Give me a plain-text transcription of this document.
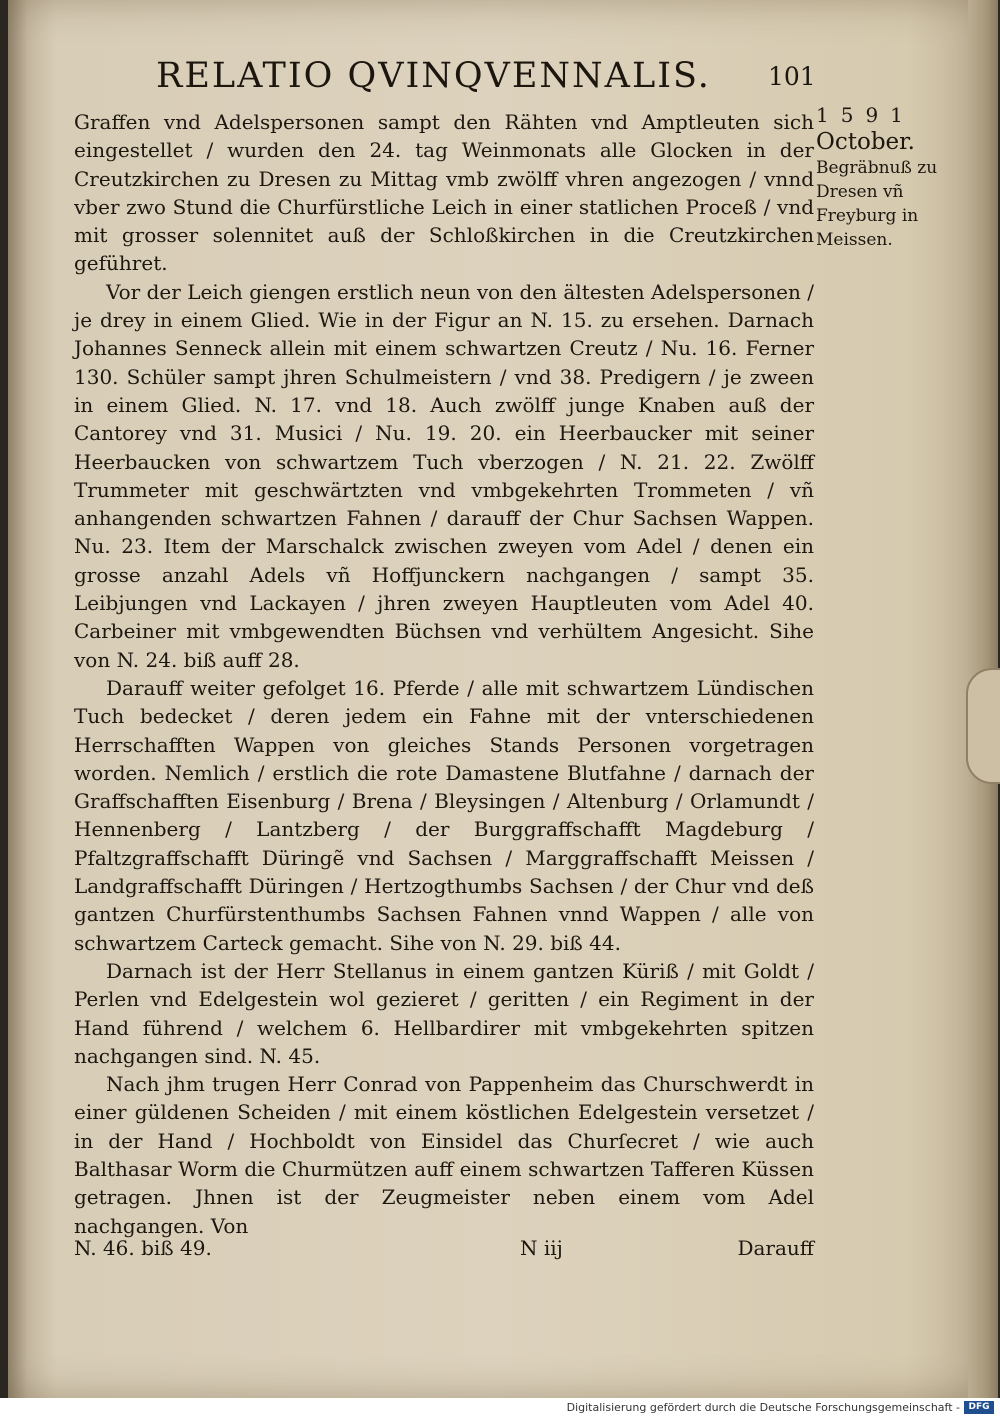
RELATIO QVINQVENNALIS. 101
1591
October.
Begräbnuß zu Dresen vñ Freyburg in Meissen.

Graffen vnd Adelspersonen sampt den Rähten vnd Amptleuten sich eingestellet / wurden den 24. tag Weinmonats alle Glocken in der Creutzkirchen zu Dresen zu Mittag vmb zwölff vhren angezogen / vnnd vber zwo Stund die Churfürstliche Leich in einer statlichen Proceß / vnd mit grosser solennitet auß der Schloßkirchen in die Creutzkirchen geführet.

Vor der Leich giengen erstlich neun von den ältesten Adelspersonen / je drey in einem Glied. Wie in der Figur an N. 15. zu ersehen. Darnach Johannes Senneck allein mit einem schwartzen Creutz / Nu. 16. Ferner 130. Schüler sampt jhren Schulmeistern / vnd 38. Predigern / je zween in einem Glied. N. 17. vnd 18. Auch zwölff junge Knaben auß der Cantorey vnd 31. Musici / Nu. 19. 20. ein Heerbaucker mit seiner Heerbaucken von schwartzem Tuch vberzogen / N. 21. 22. Zwölff Trummeter mit geschwärtzten vnd vmbgekehrten Trommeten / vñ anhangenden schwartzen Fahnen / darauff der Chur Sachsen Wappen. Nu. 23. Item der Marschalck zwischen zweyen vom Adel / denen ein grosse anzahl Adels vñ Hoffjunckern nachgangen / sampt 35. Leibjungen vnd Lackayen / jhren zweyen Hauptleuten vom Adel 40. Carbeiner mit vmbgewendten Büchsen vnd verhültem Angesicht. Sihe von N. 24. biß auff 28.

Darauff weiter gefolget 16. Pferde / alle mit schwartzem Lündischen Tuch bedecket / deren jedem ein Fahne mit der vnterschiedenen Herrschafften Wappen von gleiches Stands Personen vorgetragen worden. Nemlich / erstlich die rote Damastene Blutfahne / darnach der Graffschafften Eisenburg / Brena / Bleysingen / Altenburg / Orlamundt / Hennenberg / Lantzberg / der Burggraffschafft Magdeburg / Pfaltzgraffschafft Düringẽ vnd Sachsen / Marggraffschafft Meissen / Landgraffschafft Düringen / Hertzogthumbs Sachsen / der Chur vnd deß gantzen Churfürstenthumbs Sachsen Fahnen vnnd Wappen / alle von schwartzem Carteck gemacht. Sihe von N. 29. biß 44.

Darnach ist der Herr Stellanus in einem gantzen Küriß / mit Goldt / Perlen vnd Edelgestein wol gezieret / geritten / ein Regiment in der Hand führend / welchem 6. Hellbardirer mit vmbgekehrten spitzen nachgangen sind. N. 45.

Nach jhm trugen Herr Conrad von Pappenheim das Churschwerdt in einer güldenen Scheiden / mit einem köstlichen Edelgestein versetzet / in der Hand / Hochboldt von Einsidel das Churſecret / wie auch Balthasar Worm die Churmützen auff einem schwartzen Tafferen Küssen getragen. Jhnen ist der Zeugmeister neben einem vom Adel nachgangen. Von

N. 46. biß 49.	N iij	Darauff
Digitalisierung gefördert durch die Deutsche Forschungsgemeinschaft - DFG
